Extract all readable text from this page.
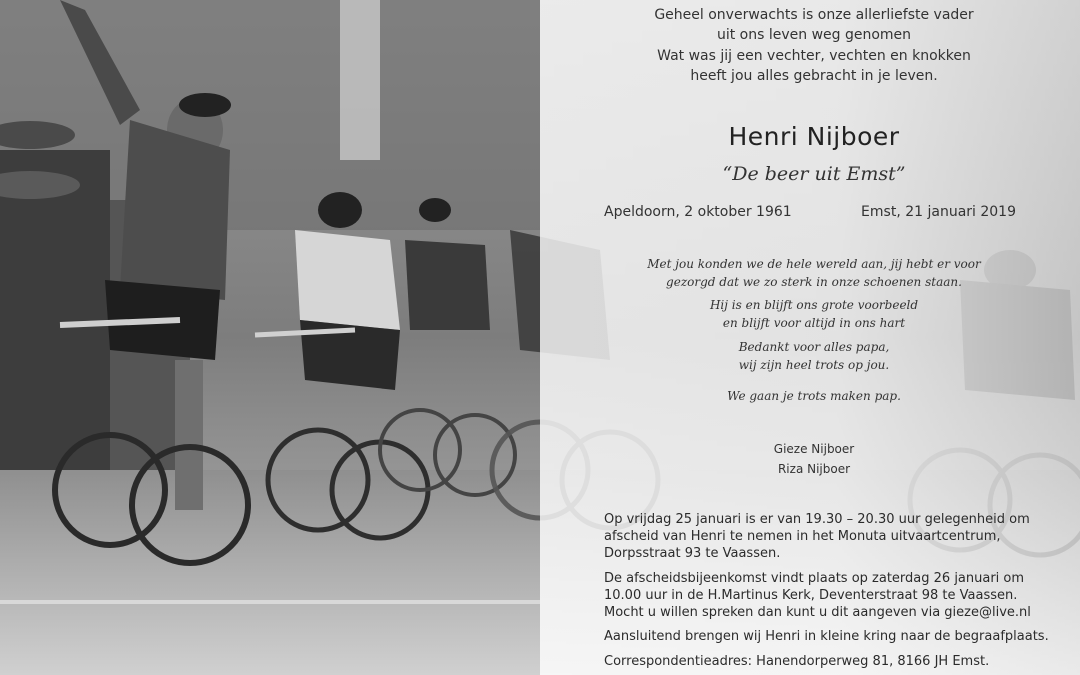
Geheel onverwachts is onze allerliefste vader
uit ons leven weg genomen
Wat was jij een vechter, vechten en knokken
heeft jou alles gebracht in je leven.
Henri Nijboer
“De beer uit Emst”
Apeldoorn, 2 oktober 1961	Emst, 21 januari 2019
Met jou konden we de hele wereld aan, jij hebt er voor
gezorgd dat we zo sterk in onze schoenen staan.
Hij is en blijft ons grote voorbeeld
en blijft voor altijd in ons hart
Bedankt voor alles papa,
wij zijn heel trots op jou.
We gaan je trots maken pap.
Gieze Nijboer
Riza Nijboer
Op vrijdag 25 januari is er van 19.30 – 20.30 uur gelegenheid om
afscheid van Henri te nemen in het Monuta uitvaartcentrum,
Dorpsstraat 93 te Vaassen.
De afscheidsbijeenkomst vindt plaats op zaterdag 26 januari om
10.00 uur in de H.Martinus Kerk, Deventerstraat 98 te Vaassen.
Mocht u willen spreken dan kunt u dit aangeven via gieze@live.nl
Aansluitend brengen wij Henri in kleine kring naar de begraafplaats.
Correspondentieadres: Hanendorperweg 81, 8166 JH Emst.
